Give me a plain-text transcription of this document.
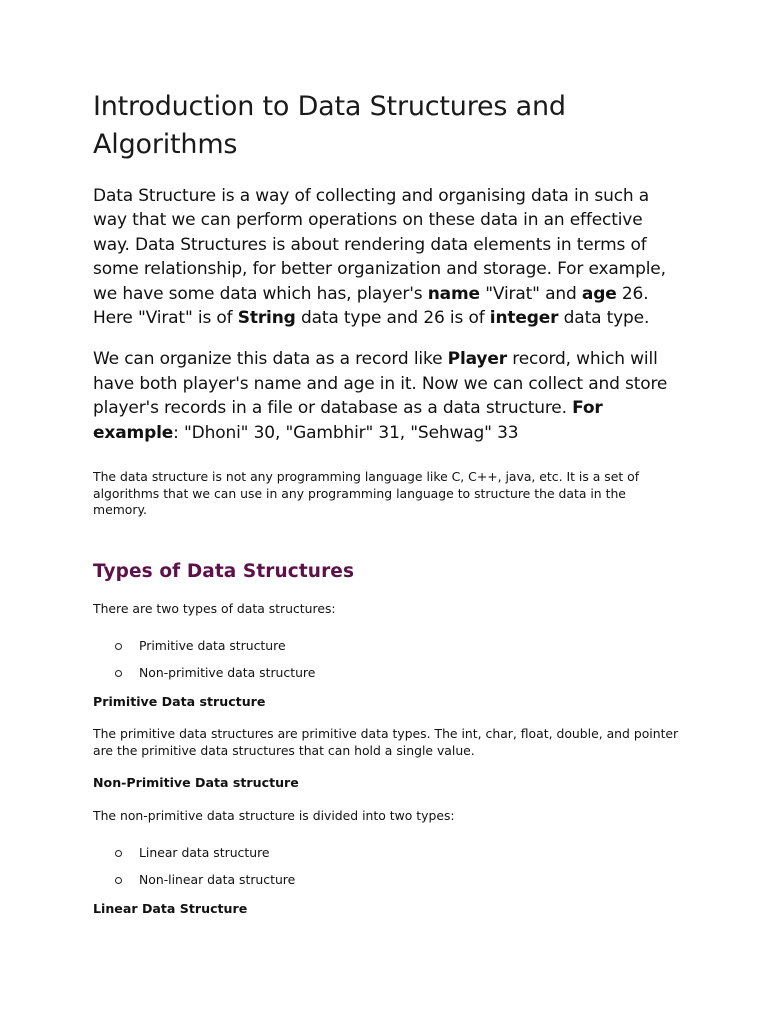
Introduction to Data Structures and Algorithms

Data Structure is a way of collecting and organising data in such a way that we can perform operations on these data in an effective way. Data Structures is about rendering data elements in terms of some relationship, for better organization and storage. For example, we have some data which has, player's name "Virat" and age 26. Here "Virat" is of String data type and 26 is of integer data type.

We can organize this data as a record like Player record, which will have both player's name and age in it. Now we can collect and store player's records in a file or database as a data structure. For example: "Dhoni" 30, "Gambhir" 31, "Sehwag" 33

The data structure is not any programming language like C, C++, java, etc. It is a set of algorithms that we can use in any programming language to structure the data in the memory.

Types of Data Structures

There are two types of data structures:

Primitive data structure
Non-primitive data structure
Primitive Data structure

The primitive data structures are primitive data types. The int, char, float, double, and pointer are the primitive data structures that can hold a single value.

Non-Primitive Data structure

The non-primitive data structure is divided into two types:

Linear data structure
Non-linear data structure
Linear Data Structure
